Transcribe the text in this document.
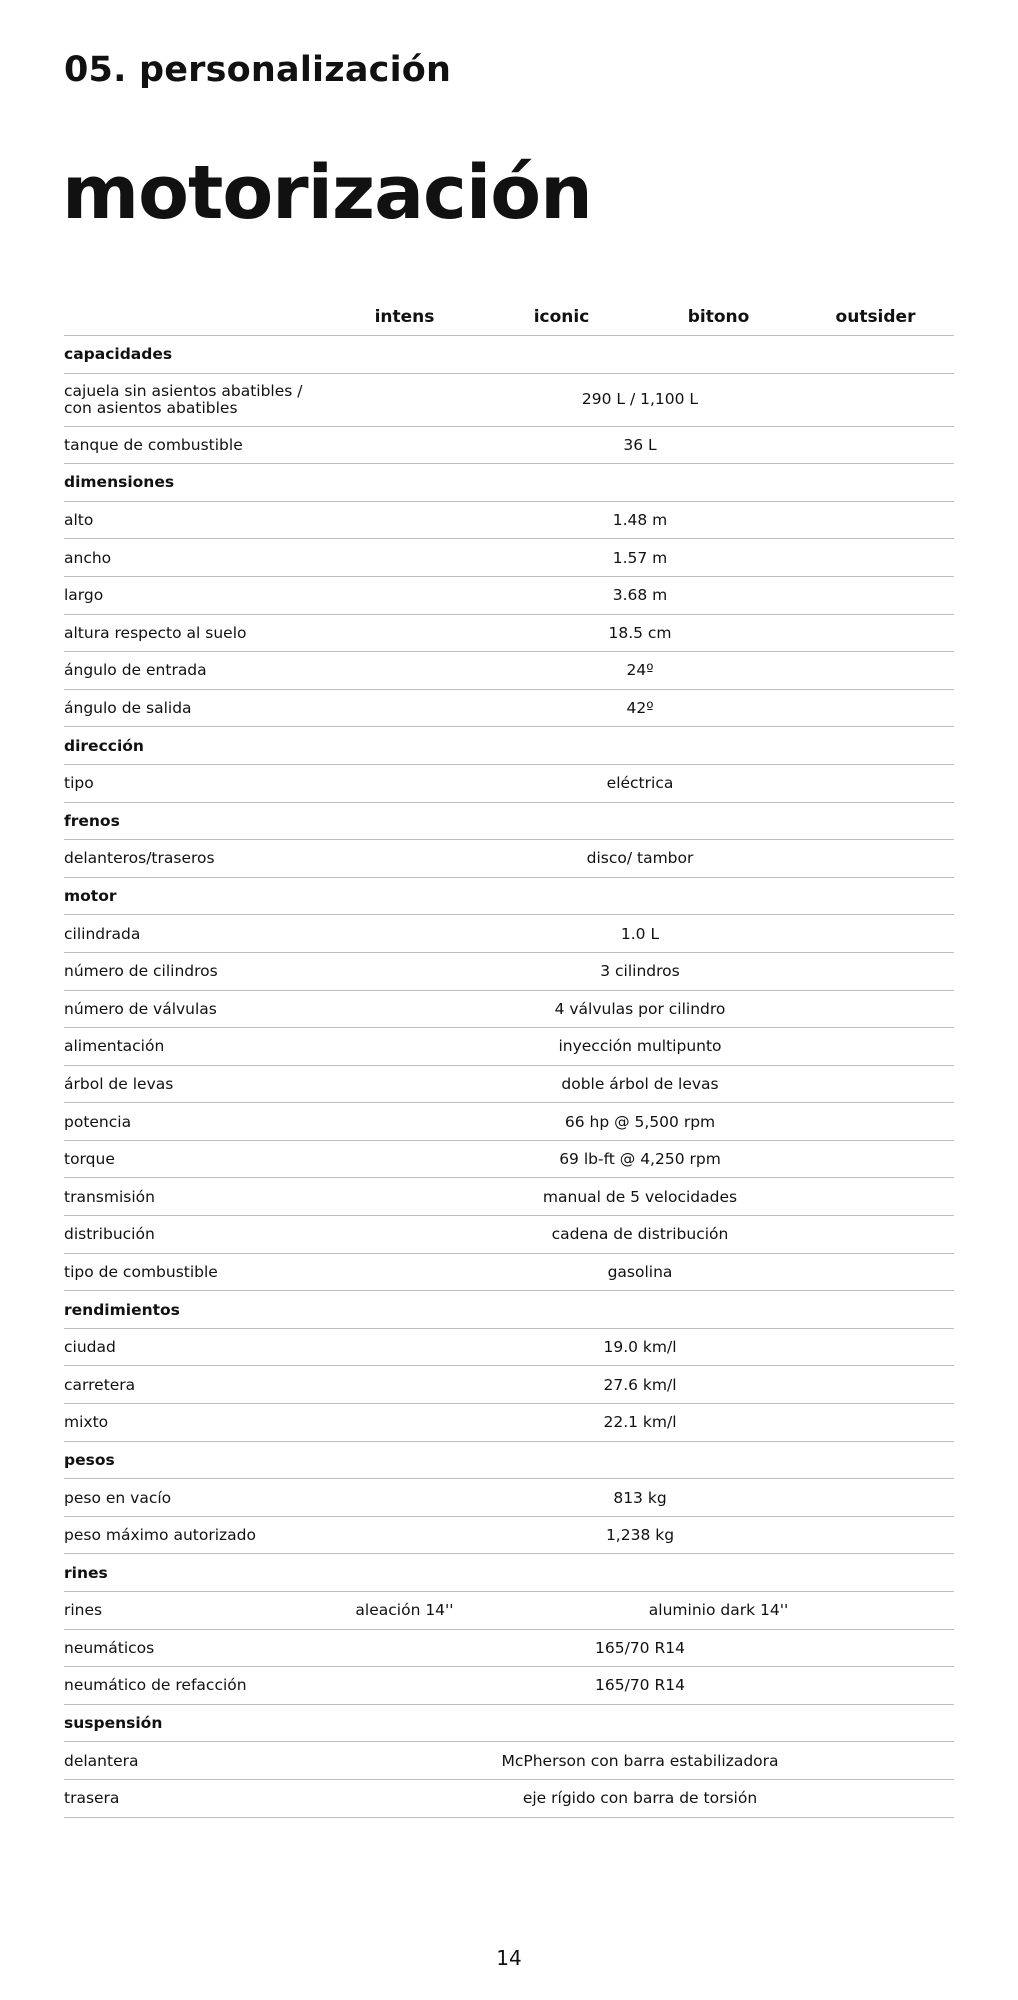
05. personalización
motorización
	intens	iconic	bitono	outsider
capacidades				
cajuela sin asientos abatibles / con asientos abatibles	290 L / 1,100 L			
tanque de combustible	36 L			
dimensiones				
alto	1.48 m			
ancho	1.57 m			
largo	3.68 m			
altura respecto al suelo	18.5 cm			
ángulo de entrada	24º			
ángulo de salida	42º			
dirección				
tipo	eléctrica			
frenos				
delanteros/traseros	disco/ tambor			
motor				
cilindrada	1.0 L			
número de cilindros	3 cilindros			
número de válvulas	4 válvulas por cilindro			
alimentación	inyección multipunto			
árbol de levas	doble árbol de levas			
potencia	66 hp @ 5,500 rpm			
torque	69 lb-ft @ 4,250 rpm			
transmisión	manual de 5 velocidades			
distribución	cadena de distribución			
tipo de combustible	gasolina			
rendimientos				
ciudad	19.0 km/l			
carretera	27.6 km/l			
mixto	22.1 km/l			
pesos				
peso en vacío	813 kg			
peso máximo autorizado	1,238 kg			
rines				
rines	aleación 14''	aluminio dark 14''		
neumáticos	165/70 R14			
neumático de refacción	165/70 R14			
suspensión				
delantera	McPherson con barra estabilizadora			
trasera	eje rígido con barra de torsión			

14
